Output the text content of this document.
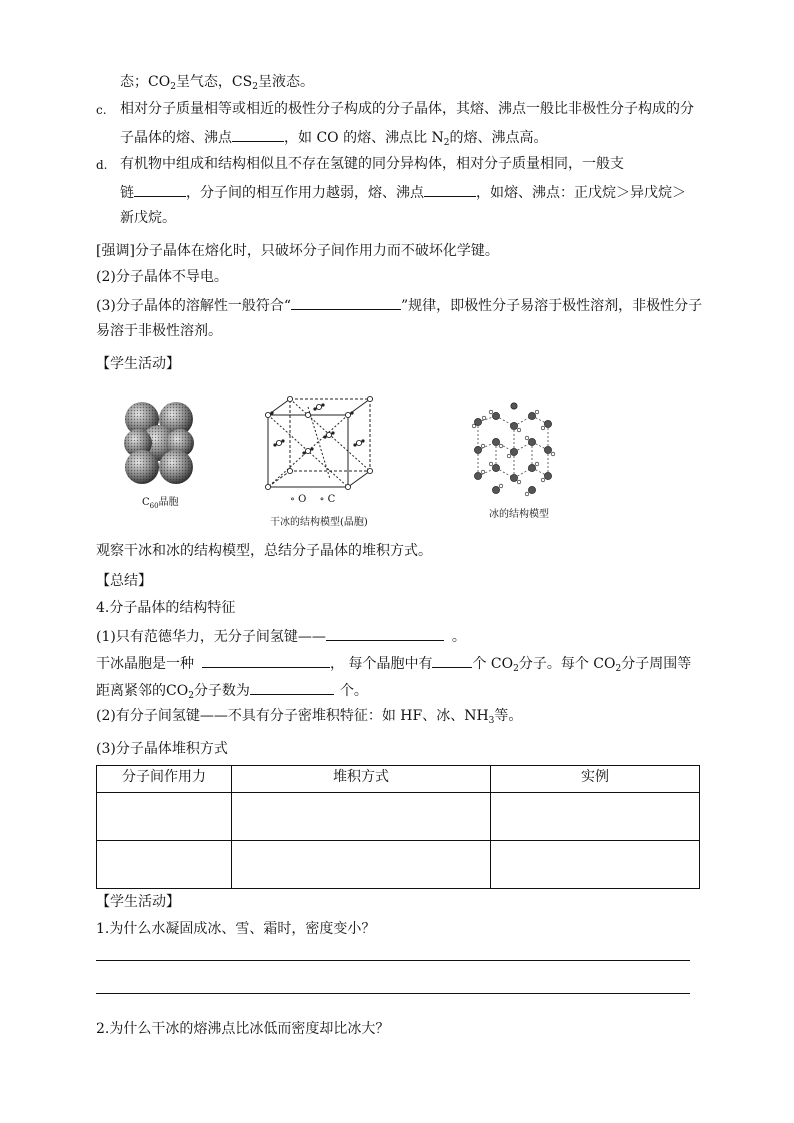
态；$CO_2$呈气态，$CS_2$呈液态。
c. 相对分子质量相等或相近的极性分子构成的分子晶体，其熔、沸点一般比非极性分子构成的分
子晶体的熔、沸点	，如 CO 的熔、沸点比 $N_2$的熔、沸点高。
d. 有机物中组成和结构相似且不存在氢键的同分异构体，相对分子质量相同，一般支
链	，分子间的相互作用力越弱，熔、沸点	，如熔、沸点：正戊烷＞异戊烷＞
新戊烷。
[强调]分子晶体在熔化时，只破坏分子间作用力而不破坏化学键。
(2)分子晶体不导电。
(3)分子晶体的溶解性一般符合“	”规律，即极性分子易溶于极性溶剂，非极性分子
易溶于非极性溶剂。
【学生活动】
$C_{60}$晶胞	∘ O ∘ C
干冰的结构模型(晶胞)
冰的结构模型
观察干冰和冰的结构模型，总结分子晶体的堆积方式。
【总结】
4.分子晶体的结构特征
(1)只有范德华力，无分子间氢键——	。
干冰晶胞是一种	， 每个晶胞中有	个 $CO_2$分子。每个 $CO_2$分子周围等
距离紧邻的$CO_2$分子数为	个。
(2)有分子间氢键——不具有分子密堆积特征：如 HF、冰、$NH_3$等。
(3)分子晶体堆积方式
分子间作用力	堆积方式	实例

【学生活动】
1.为什么水凝固成冰、雪、霜时，密度变小？
2.为什么干冰的熔沸点比冰低而密度却比冰大？
